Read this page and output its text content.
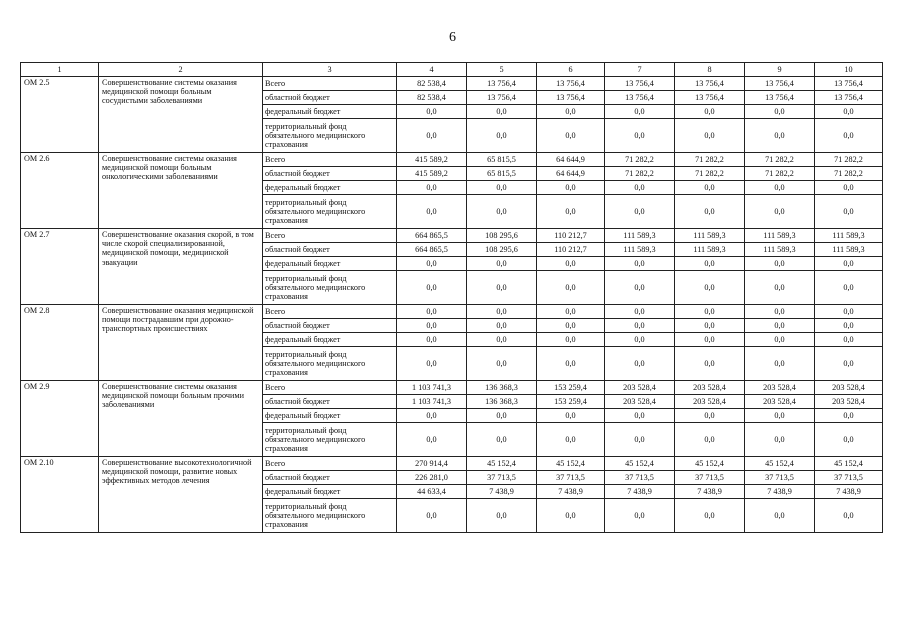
6
1	2	3	4	5	6	7	8	9	10
ОМ 2.5	Совершенствование системы оказания медицинской помощи больным сосудистыми заболеваниями	Всего	82 538,4	13 756,4	13 756,4	13 756,4	13 756,4	13 756,4	13 756,4
		областной бюджет	82 538,4	13 756,4	13 756,4	13 756,4	13 756,4	13 756,4	13 756,4
		федеральный бюджет	0,0	0,0	0,0	0,0	0,0	0,0	0,0
		территориальный фонд обязательного медицинского страхования	0,0	0,0	0,0	0,0	0,0	0,0	0,0
ОМ 2.6	Совершенствование системы оказания медицинской помощи больным онкологическими заболеваниями	Всего	415 589,2	65 815,5	64 644,9	71 282,2	71 282,2	71 282,2	71 282,2
		областной бюджет	415 589,2	65 815,5	64 644,9	71 282,2	71 282,2	71 282,2	71 282,2
		федеральный бюджет	0,0	0,0	0,0	0,0	0,0	0,0	0,0
		территориальный фонд обязательного медицинского страхования	0,0	0,0	0,0	0,0	0,0	0,0	0,0
ОМ 2.7	Совершенствование оказания скорой, в том числе скорой специализированной, медицинской помощи, медицинской эвакуации	Всего	664 865,5	108 295,6	110 212,7	111 589,3	111 589,3	111 589,3	111 589,3
		областной бюджет	664 865,5	108 295,6	110 212,7	111 589,3	111 589,3	111 589,3	111 589,3
		федеральный бюджет	0,0	0,0	0,0	0,0	0,0	0,0	0,0
		территориальный фонд обязательного медицинского страхования	0,0	0,0	0,0	0,0	0,0	0,0	0,0
ОМ 2.8	Совершенствование оказания медицинской помощи пострадавшим при дорожно-транспортных происшествиях	Всего	0,0	0,0	0,0	0,0	0,0	0,0	0,0
		областной бюджет	0,0	0,0	0,0	0,0	0,0	0,0	0,0
		федеральный бюджет	0,0	0,0	0,0	0,0	0,0	0,0	0,0
		территориальный фонд обязательного медицинского страхования	0,0	0,0	0,0	0,0	0,0	0,0	0,0
ОМ 2.9	Совершенствование системы оказания медицинской помощи больным прочими заболеваниями	Всего	1 103 741,3	136 368,3	153 259,4	203 528,4	203 528,4	203 528,4	203 528,4
		областной бюджет	1 103 741,3	136 368,3	153 259,4	203 528,4	203 528,4	203 528,4	203 528,4
		федеральный бюджет	0,0	0,0	0,0	0,0	0,0	0,0	0,0
		территориальный фонд обязательного медицинского страхования	0,0	0,0	0,0	0,0	0,0	0,0	0,0
ОМ 2.10	Совершенствование высокотехнологичной медицинской помощи, развитие новых эффективных методов лечения	Всего	270 914,4	45 152,4	45 152,4	45 152,4	45 152,4	45 152,4	45 152,4
		областной бюджет	226 281,0	37 713,5	37 713,5	37 713,5	37 713,5	37 713,5	37 713,5
		федеральный бюджет	44 633,4	7 438,9	7 438,9	7 438,9	7 438,9	7 438,9	7 438,9
		территориальный фонд обязательного медицинского страхования	0,0	0,0	0,0	0,0	0,0	0,0	0,0
